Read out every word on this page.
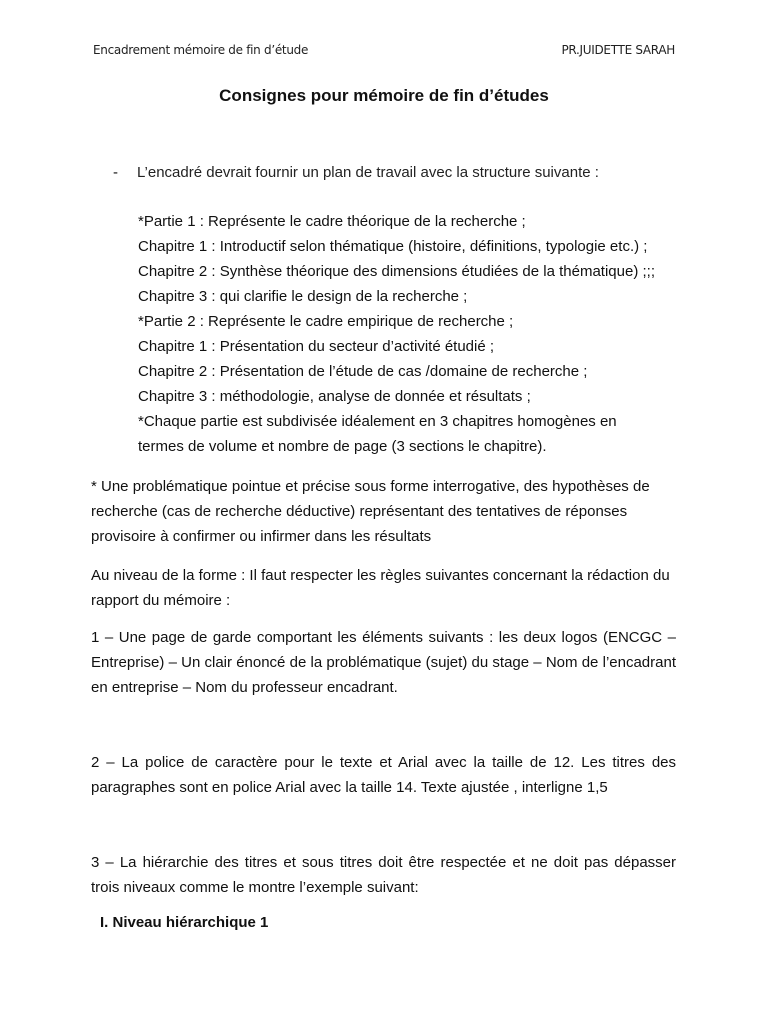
Encadrement mémoire de fin d’étude	PR.JUIDETTE SARAH
Consignes pour mémoire de fin d’études
- L’encadré devrait fournir un plan de travail avec la structure suivante :
*Partie 1 : Représente le cadre théorique de la recherche ;
Chapitre 1 : Introductif selon thématique (histoire, définitions, typologie etc.) ;
Chapitre 2 : Synthèse théorique des dimensions étudiées de la thématique) ;;;
Chapitre 3 : qui clarifie le design de la recherche ;
*Partie 2 : Représente le cadre empirique de recherche ;
Chapitre 1 : Présentation du secteur d’activité étudié ;
Chapitre 2 : Présentation de l’étude de cas /domaine de recherche ;
Chapitre 3 : méthodologie, analyse de donnée et résultats ;
*Chaque partie est subdivisée idéalement en 3 chapitres homogènes en
termes de volume et nombre de page (3 sections le chapitre).
* Une problématique pointue et précise sous forme interrogative, des hypothèses de recherche (cas de recherche déductive) représentant des tentatives de réponses provisoire à confirmer ou infirmer dans les résultats
Au niveau de la forme : Il faut respecter les règles suivantes concernant la rédaction du rapport du mémoire :
1 – Une page de garde comportant les éléments suivants : les deux logos (ENCGC – Entreprise) – Un clair énoncé de la problématique (sujet) du stage – Nom de l’encadrant en entreprise – Nom du professeur encadrant.
2 – La police de caractère pour le texte et Arial avec la taille de 12. Les titres des paragraphes sont en police Arial avec la taille 14. Texte ajustée , interligne 1,5
3 – La hiérarchie des titres et sous titres doit être respectée et ne doit pas dépasser trois niveaux comme le montre l’exemple suivant:
I. Niveau hiérarchique 1
